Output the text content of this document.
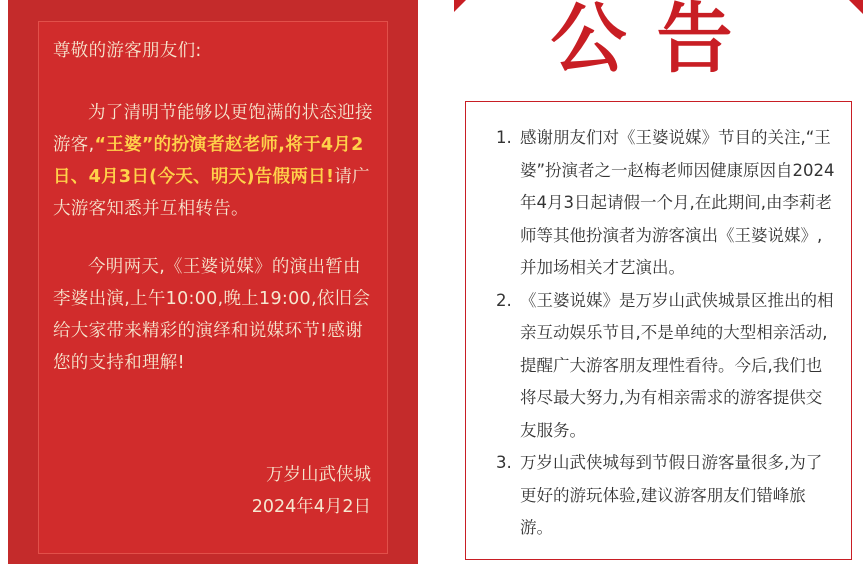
尊敬的游客朋友们:

为了清明节能够以更饱满的状态迎接游客,“王婆”的扮演者赵老师,将于4月2日、4月3日(今天、明天)告假两日!请广大游客知悉并互相转告。

今明两天,《王婆说媒》的演出暂由李婆出演,上午10:00,晚上19:00,依旧会给大家带来精彩的演绎和说媒环节!感谢您的支持和理解!

万岁山武侠城
2024年4月2日
公告
1. 感谢朋友们对《王婆说媒》节目的关注,“王婆”扮演者之一赵梅老师因健康原因自2024年4月3日起请假一个月,在此期间,由李莉老师等其他扮演者为游客演出《王婆说媒》,并加场相关才艺演出。
2. 《王婆说媒》是万岁山武侠城景区推出的相亲互动娱乐节目,不是单纯的大型相亲活动,提醒广大游客朋友理性看待。今后,我们也将尽最大努力,为有相亲需求的游客提供交友服务。
3. 万岁山武侠城每到节假日游客量很多,为了更好的游玩体验,建议游客朋友们错峰旅游。
